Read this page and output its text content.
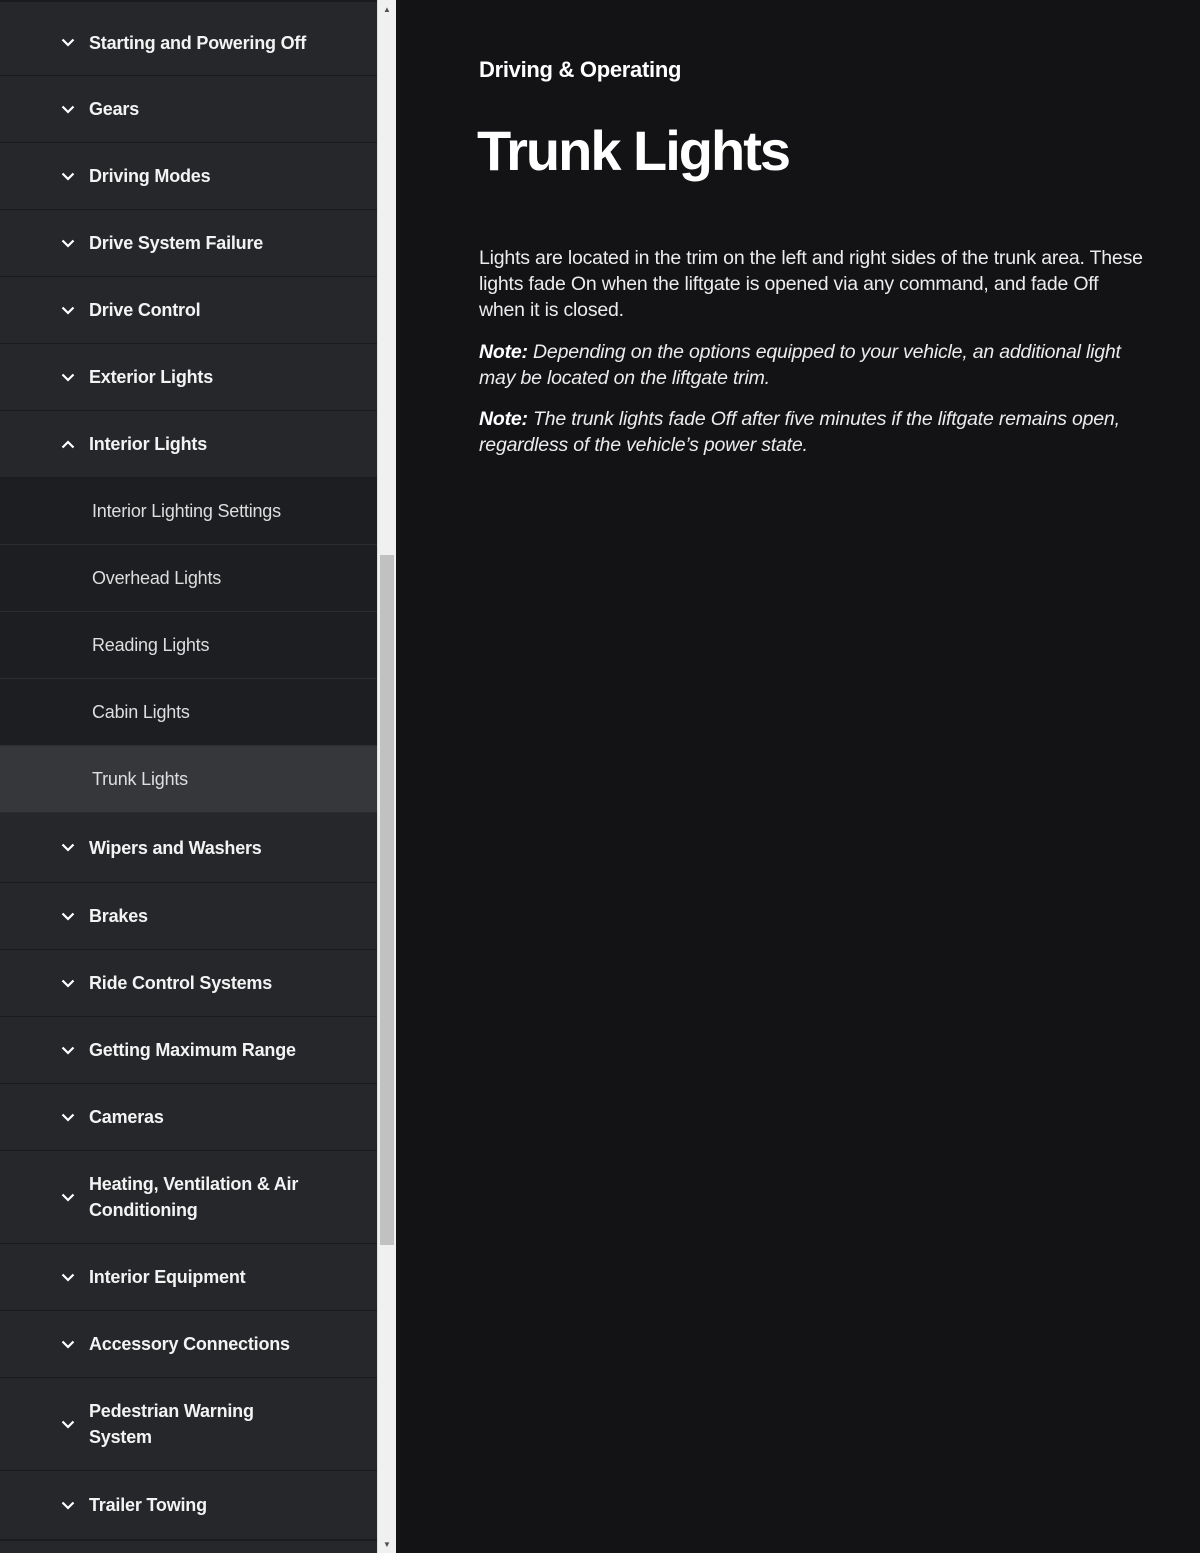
Starting and Powering Off
Gears
Driving Modes
Drive System Failure
Drive Control
Exterior Lights
Interior Lights
Interior Lighting Settings
Overhead Lights
Reading Lights
Cabin Lights
Trunk Lights
Wipers and Washers
Brakes
Ride Control Systems
Getting Maximum Range
Cameras
Heating, Ventilation & Air Conditioning
Interior Equipment
Accessory Connections
Pedestrian Warning System
Trailer Towing
▲
▼
Driving & Operating
Trunk Lights

Lights are located in the trim on the left and right sides of the trunk area. These lights fade On when the liftgate is opened via any command, and fade Off when it is closed.

Note: Depending on the options equipped to your vehicle, an additional light may be located on the liftgate trim.

Note: The trunk lights fade Off after five minutes if the liftgate remains open, regardless of the vehicle’s power state.
